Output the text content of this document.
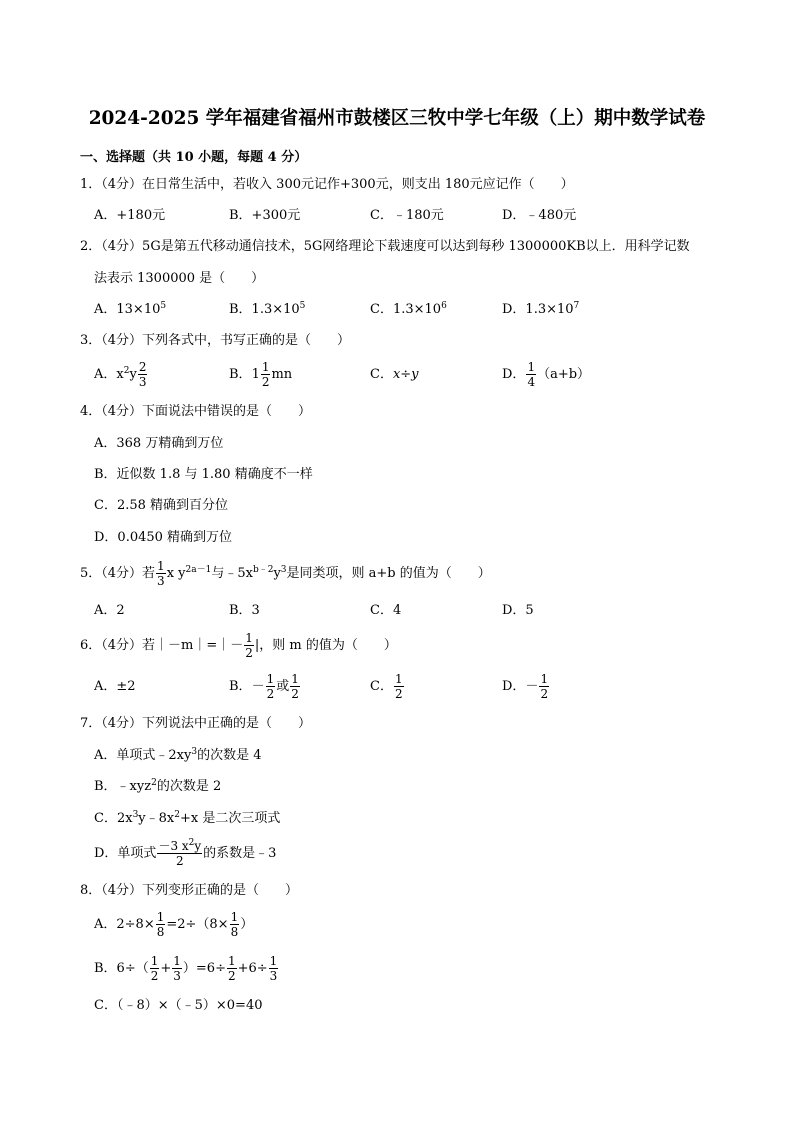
2024-2025 学年福建省福州市鼓楼区三牧中学七年级（上）期中数学试卷
一、选择题（共 10 小题，每题 4 分）
1．（4分）在日常生活中，若收入 300元记作+300元，则支出 180元应记作（　　）
A．+180元	B．+300元	C．﹣180元	D．﹣480元
2．（4分）5G是第五代移动通信技术，5G网络理论下载速度可以达到每秒 1300000KB以上．用科学记数
法表示 1300000 是（　　）
A．$13\times 10^5$	B．$1.3\times 10^5$	C．$1.3\times 10^6$	D．$1.3\times 10^7$
3．（4分）下列各式中，书写正确的是（　　）
A．$x^2y \frac{2}{3}$	B．$1 \frac{1}{2}$ mn	C．x÷y	D． $\frac{1}{4} (a+b)$
4．（4分）下面说法中错误的是（　　）
A．368 万精确到万位
B．近似数 1.8 与 1.80 精确度不一样
C．2.58 精确到百分位
D．0.0450 精确到万位
5．（4分）若 $\frac{1}{3}$ x $y^{2a-1}$与$﹣5x^{b﹣2}y^3$是同类项，则 a+b 的值为（　　）
A．2	B．3	C．4	D．5
6．（4分）若｜－m｜=｜－ $\frac{1}{2}$ |，则 m 的值为（　　）
A．±2	B．－ $\frac{1}{2}$ 或 $\frac{1}{2}$	C． $\frac{1}{2}$	D．－ $\frac{1}{2}$
7．（4分）下列说法中正确的是（　　）
A．单项式$﹣2xy^3$的次数是 4
B．﹣xyz$^2$的次数是 2
C．$2x^3y﹣8x^2+x$ 是二次三项式
D．单项式 $\frac{-3 x^2y}{2}$ 的系数是﹣3
8．（4分）下列变形正确的是（　　）
A．$2\div 8\times \frac{1}{8} =2\div(8\times \frac{1}{8}$ ）
B．$6\div( \frac{1}{2} + \frac{1}{3} )=6\div \frac{1}{2} +6\div \frac{1}{3}$
C．（﹣8）×（﹣5）×0=40
